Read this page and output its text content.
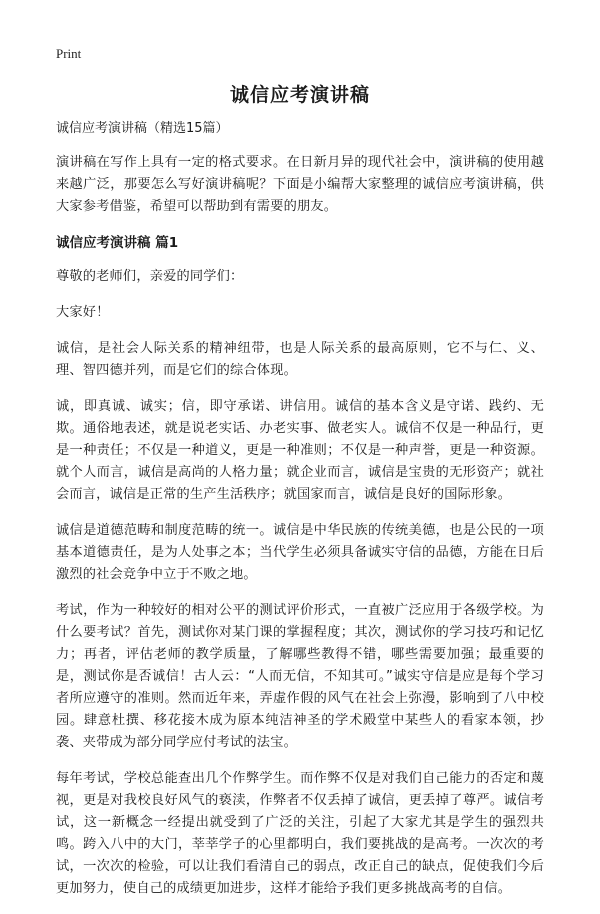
Print
诚信应考演讲稿
诚信应考演讲稿（精选15篇）
演讲稿在写作上具有一定的格式要求。在日新月异的现代社会中，演讲稿的使用越来越广泛，那要怎么写好演讲稿呢？下面是小编帮大家整理的诚信应考演讲稿，供大家参考借鉴，希望可以帮助到有需要的朋友。
诚信应考演讲稿 篇1
尊敬的老师们，亲爱的同学们：
大家好！
诚信，是社会人际关系的精神纽带，也是人际关系的最高原则，它不与仁、义、理、智四德并列，而是它们的综合体现。
诚，即真诚、诚实；信，即守承诺、讲信用。诚信的基本含义是守诺、践约、无欺。通俗地表述，就是说老实话、办老实事、做老实人。诚信不仅是一种品行，更是一种责任；不仅是一种道义，更是一种准则；不仅是一种声誉，更是一种资源。就个人而言，诚信是高尚的人格力量；就企业而言，诚信是宝贵的无形资产；就社会而言，诚信是正常的生产生活秩序；就国家而言，诚信是良好的国际形象。
诚信是道德范畴和制度范畴的统一。诚信是中华民族的传统美德，也是公民的一项基本道德责任，是为人处事之本；当代学生必须具备诚实守信的品德，方能在日后激烈的社会竞争中立于不败之地。
考试，作为一种较好的相对公平的测试评价形式，一直被广泛应用于各级学校。为什么要考试？首先，测试你对某门课的掌握程度；其次，测试你的学习技巧和记忆力；再者，评估老师的教学质量，了解哪些教得不错，哪些需要加强；最重要的是，测试你是否诚信！古人云：“人而无信，不知其可。”诚实守信是应是每个学习者所应遵守的准则。然而近年来，弄虚作假的风气在社会上弥漫，影响到了八中校园。肆意杜撰、移花接木成为原本纯洁神圣的学术殿堂中某些人的看家本领，抄袭、夹带成为部分同学应付考试的法宝。
每年考试，学校总能查出几个作弊学生。而作弊不仅是对我们自己能力的否定和蔑视，更是对我校良好风气的亵渎，作弊者不仅丢掉了诚信，更丢掉了尊严。诚信考试，这一新概念一经提出就受到了广泛的关注，引起了大家尤其是学生的强烈共鸣。跨入八中的大门，莘莘学子的心里都明白，我们要挑战的是高考。一次次的考试，一次次的检验，可以让我们看清自己的弱点，改正自己的缺点，促使我们今后更加努力，使自己的成绩更加进步，这样才能给予我们更多挑战高考的自信。
